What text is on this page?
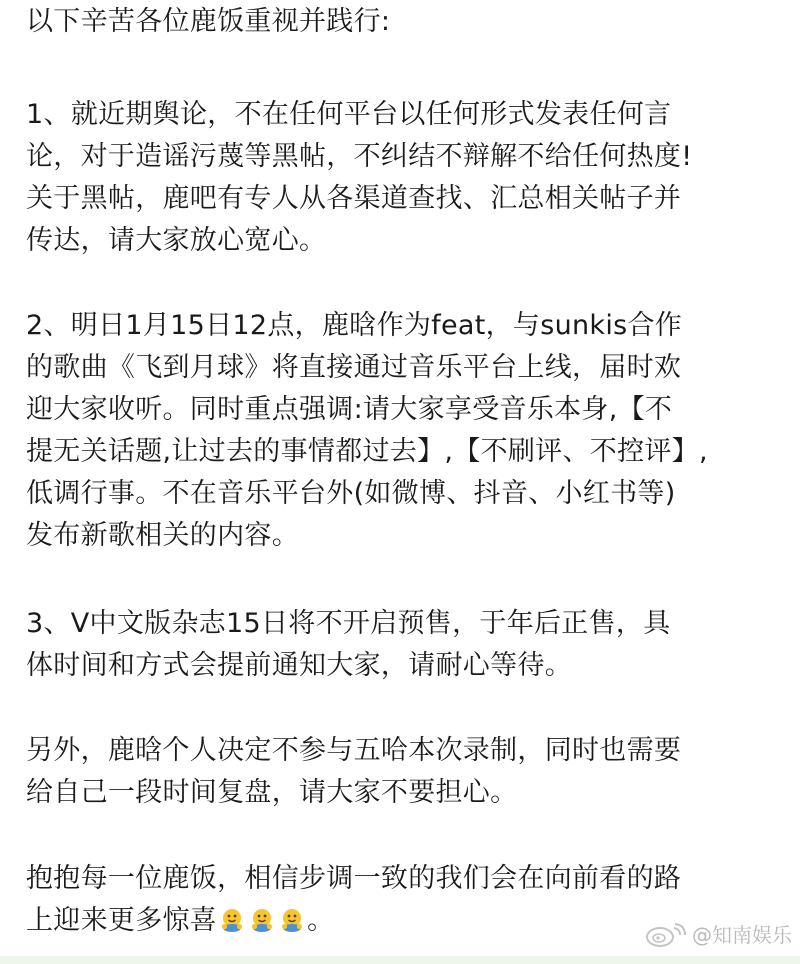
以下辛苦各位鹿饭重视并践行:
1、就近期舆论，不在任何平台以任何形式发表任何言
论，对于造谣污蔑等黑帖，不纠结不辩解不给任何热度!
关于黑帖，鹿吧有专人从各渠道查找、汇总相关帖子并
传达，请大家放心宽心。
2、明日1月15日12点，鹿晗作为feat，与sunkis合作
的歌曲《飞到月球》将直接通过音乐平台上线，届时欢
迎大家收听。同时重点强调:请大家享受音乐本身,【不
提无关话题,让过去的事情都过去】,【不刷评、不控评】,
低调行事。不在音乐平台外(如微博、抖音、小红书等)
发布新歌相关的内容。
3、V中文版杂志15日将不开启预售，于年后正售，具
体时间和方式会提前通知大家，请耐心等待。
另外，鹿晗个人决定不参与五哈本次录制，同时也需要
给自己一段时间复盘，请大家不要担心。
抱抱每一位鹿饭，相信步调一致的我们会在向前看的路
上迎来更多惊喜	。	@知南娱乐
